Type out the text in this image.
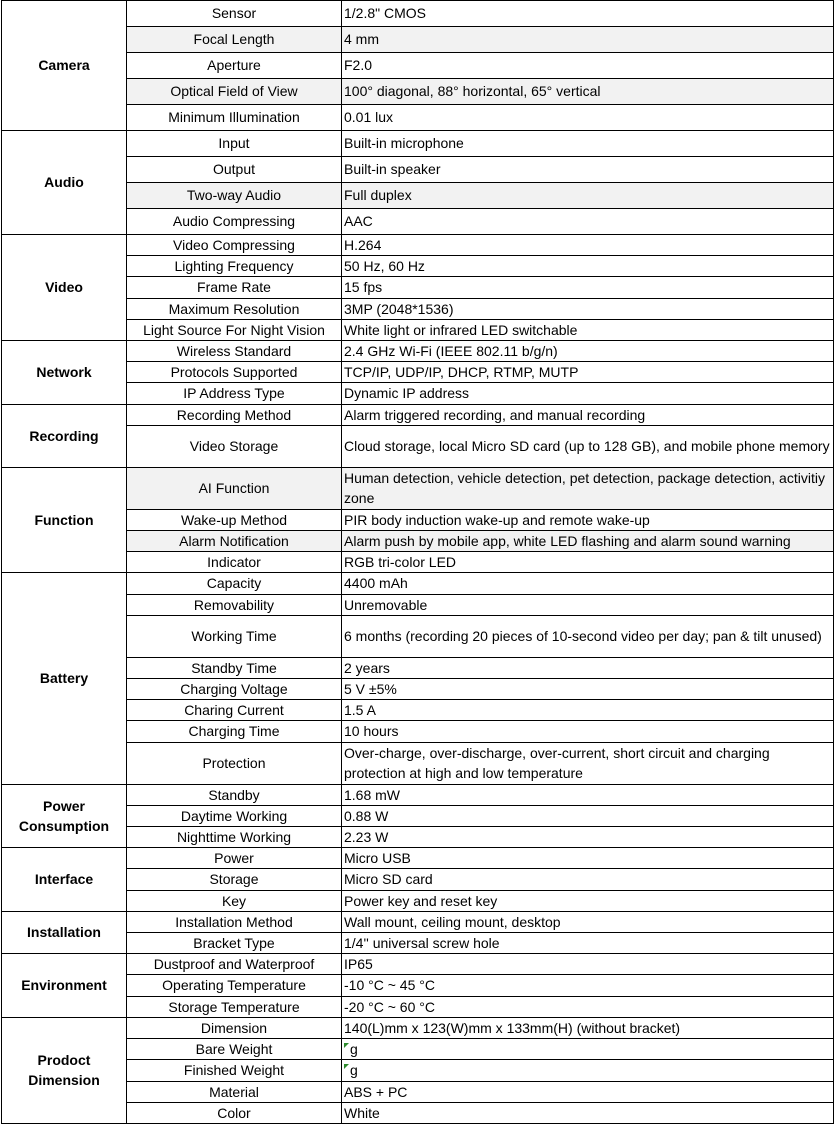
Camera	Sensor	1/2.8" CMOS
	Focal Length	4 mm
	Aperture	F2.0
	Optical Field of View	100° diagonal, 88° horizontal, 65° vertical
	Minimum Illumination	0.01 lux
Audio	Input	Built-in microphone
	Output	Built-in speaker
	Two-way Audio	Full duplex
	Audio Compressing	AAC
Video	Video Compressing	H.264
	Lighting Frequency	50 Hz, 60 Hz
	Frame Rate	15 fps
	Maximum Resolution	3MP (2048*1536)
	Light Source For Night Vision	White light or infrared LED switchable
Network	Wireless Standard	2.4 GHz Wi-Fi (IEEE 802.11 b/g/n)
	Protocols Supported	TCP/IP, UDP/IP, DHCP, RTMP, MUTP
	IP Address Type	Dynamic IP address
Recording	Recording Method	Alarm triggered recording, and manual recording
	Video Storage	Cloud storage, local Micro SD card (up to 128 GB), and mobile phone memory
Function	AI Function	Human detection, vehicle detection, pet detection, package detection, activitiy zone
	Wake-up Method	PIR body induction wake-up and remote wake-up
	Alarm Notification	Alarm push by mobile app, white LED flashing and alarm sound warning
	Indicator	RGB tri-color LED
Battery	Capacity	4400 mAh
	Removability	Unremovable
	Working Time	6 months (recording 20 pieces of 10-second video per day; pan & tilt unused)
	Standby Time	2 years
	Charging Voltage	5 V ±5%
	Charing Current	1.5 A
	Charging Time	10 hours
	Protection	Over-charge, over-discharge, over-current, short circuit and charging protection at high and low temperature
Power Consumption	Standby	1.68 mW
	Daytime Working	0.88 W
	Nighttime Working	2.23 W
Interface	Power	Micro USB
	Storage	Micro SD card
	Key	Power key and reset key
Installation	Installation Method	Wall mount, ceiling mount, desktop
	Bracket Type	1/4'' universal screw hole
Environment	Dustproof and Waterproof	IP65
	Operating Temperature	-10 °C ~ 45 °C
	Storage Temperature	-20 °C ~ 60 °C
Prodoct Dimension	Dimension	140(L)mm x 123(W)mm x 133mm(H) (without bracket)
	Bare Weight	g
	Finished Weight	g
	Material	ABS + PC
	Color	White
